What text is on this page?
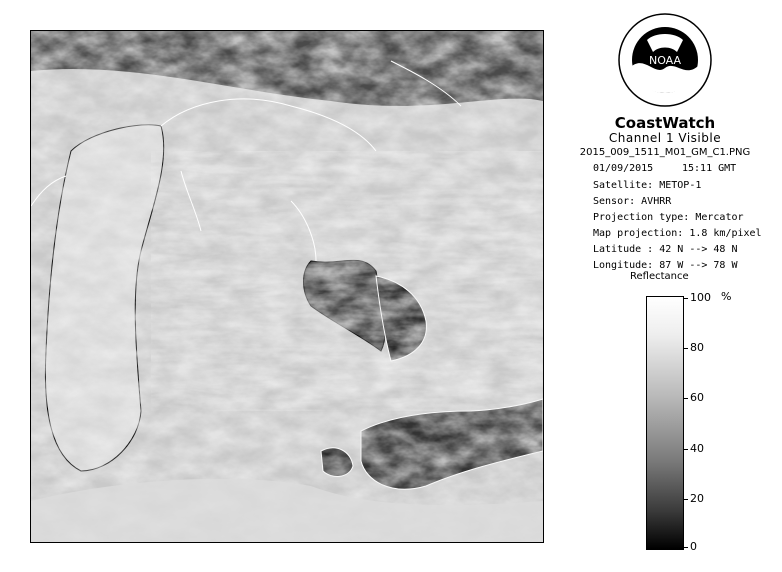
NOAA
CoastWatch
Channel 1 Visible
2015_009_1511_M01_GM_C1.PNG
01/09/2015	15:11 GMT
Satellite: METOP-1
Sensor: AVHRR
Projection type: Mercator
Map projection: 1.8 km/pixel
Latitude : 42 N --> 48 N
Longitude: 87 W --> 78 W
Reflectance
%
100
80
60
40
20
0
